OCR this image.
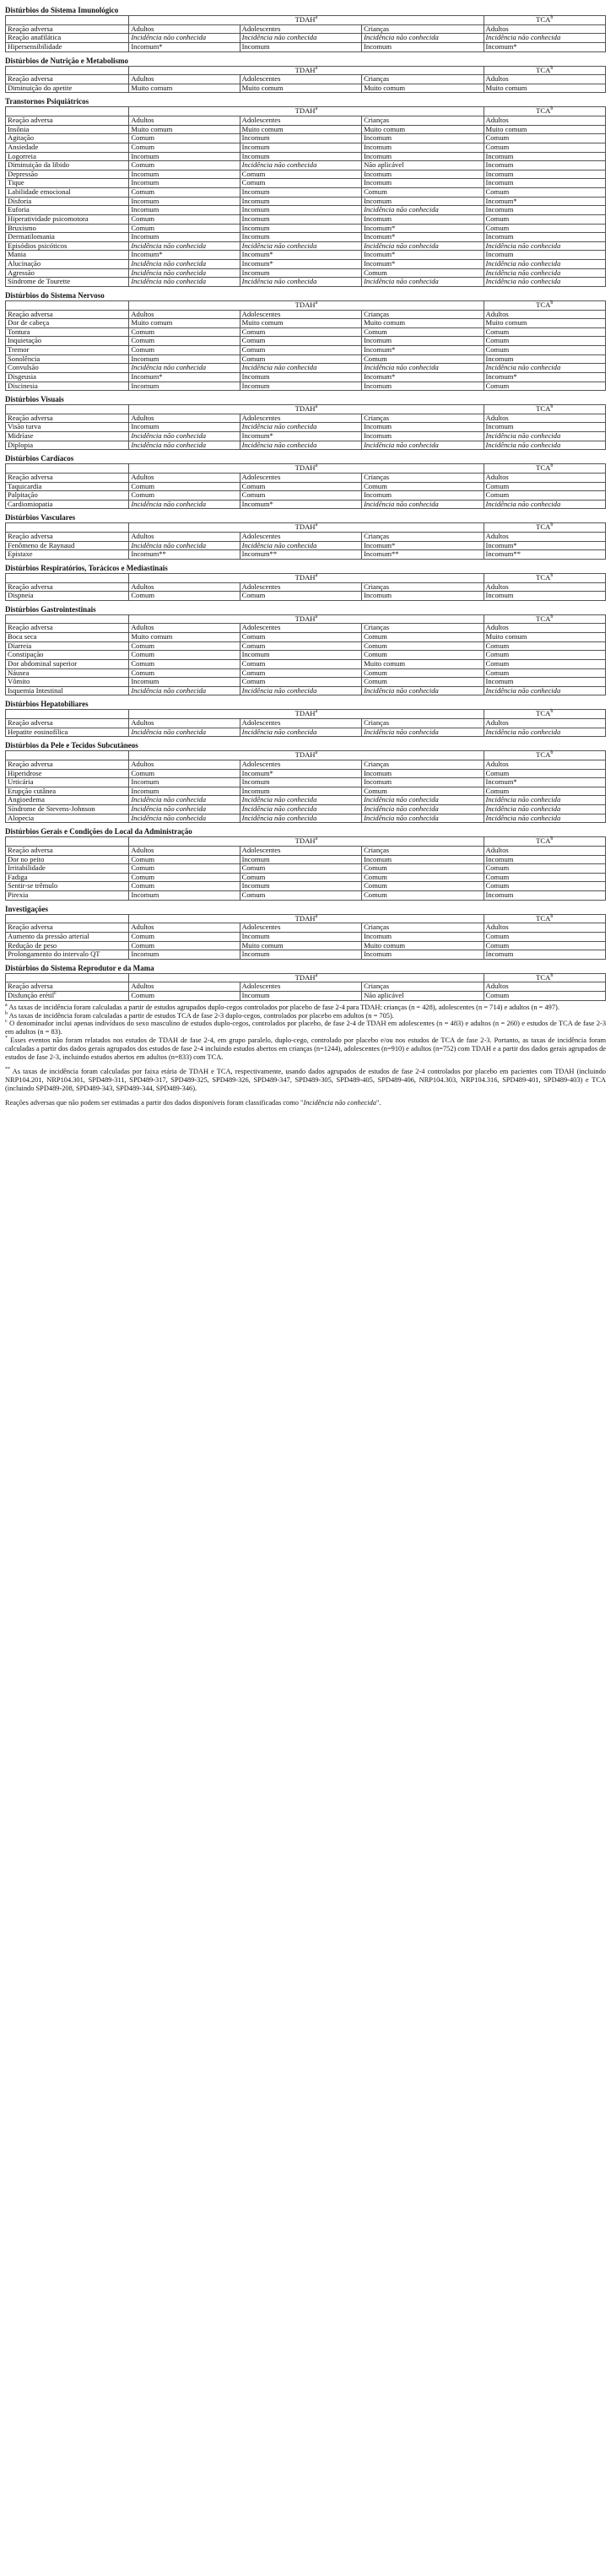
Distúrbios do Sistema Imunológico
	TDAH$^a$			TCA$^b$
Reação adversa	Adultos	Adolescentes	Crianças	Adultos
Reação anafilática	Incidência não conhecida	Incidência não conhecida	Incidência não conhecida	Incidência não conhecida
Hipersensibilidade	Incomum*	Incomum	Incomum	Incomum*
Distúrbios de Nutrição e Metabolismo
	TDAH$^a$			TCA$^b$
Reação adversa	Adultos	Adolescentes	Crianças	Adultos
Diminuição do apetite	Muito comum	Muito comum	Muito comum	Muito comum
Transtornos Psiquiátricos
	TDAH$^a$			TCA$^b$
Reação adversa	Adultos	Adolescentes	Crianças	Adultos
Insônia	Muito comum	Muito comum	Muito comum	Muito comum
Agitação	Comum	Incomum	Incomum	Comum
Ansiedade	Comum	Incomum	Incomum	Comum
Logorreia	Incomum	Incomum	Incomum	Incomum
Diminuição da libido	Comum	Incidência não conhecida	Não aplicável	Incomum
Depressão	Incomum	Comum	Incomum	Incomum
Tique	Incomum	Comum	Incomum	Incomum
Labilidade emocional	Comum	Incomum	Comum	Comum
Disforia	Incomum	Incomum	Incomum	Incomum*
Euforia	Incomum	Incomum	Incidência não conhecida	Incomum
Hiperatividade psicomotora	Comum	Incomum	Incomum	Comum
Bruxismo	Comum	Incomum	Incomum*	Comum
Dermatilomania	Incomum	Incomum	Incomum*	Incomum
Episódios psicóticos	Incidência não conhecida	Incidência não conhecida	Incidência não conhecida	Incidência não conhecida
Mania	Incomum*	Incomum*	Incomum*	Incomum
Alucinação	Incidência não conhecida	Incomum*	Incomum*	Incidência não conhecida
Agressão	Incidência não conhecida	Incomum	Comum	Incidência não conhecida
Síndrome de Tourette	Incidência não conhecida	Incidência não conhecida	Incidência não conhecida	Incidência não conhecida
Distúrbios do Sistema Nervoso
	TDAH$^a$			TCA$^b$
Reação adversa	Adultos	Adolescentes	Crianças	Adultos
Dor de cabeça	Muito comum	Muito comum	Muito comum	Muito comum
Tontura	Comum	Comum	Comum	Comum
Inquietação	Comum	Comum	Incomum	Comum
Tremor	Comum	Comum	Incomum*	Comum
Sonolência	Incomum	Comum	Comum	Incomum
Convulsão	Incidência não conhecida	Incidência não conhecida	Incidência não conhecida	Incidência não conhecida
Disgeusia	Incomum*	Incomum	Incomum*	Incomum*
Discinesia	Incomum	Incomum	Incomum	Comum
Distúrbios Visuais
	TDAH$^a$			TCA$^b$
Reação adversa	Adultos	Adolescentes	Crianças	Adultos
Visão turva	Incomum	Incidência não conhecida	Incomum	Incomum
Midríase	Incidência não conhecida	Incomum*	Incomum	Incidência não conhecida
Diplopia	Incidência não conhecida	Incidência não conhecida	Incidência não conhecida	Incidência não conhecida
Distúrbios Cardíacos
	TDAH$^a$			TCA$^b$
Reação adversa	Adultos	Adolescentes	Crianças	Adultos
Taquicardia	Comum	Comum	Comum	Comum
Palpitação	Comum	Comum	Incomum	Comum
Cardiomiopatia	Incidência não conhecida	Incomum*	Incidência não conhecida	Incidência não conhecida
Distúrbios Vasculares
	TDAH$^a$			TCA$^b$
Reação adversa	Adultos	Adolescentes	Crianças	Adultos
Fenômeno de Raynaud	Incidência não conhecida	Incidência não conhecida	Incomum*	Incomum*
Epistaxe	Incomum**	Incomum**	Incomum**	Incomum**
Distúrbios Respiratórios, Torácicos e Mediastinais
	TDAH$^a$			TCA$^b$
Reação adversa	Adultos	Adolescentes	Crianças	Adultos
Dispneia	Comum	Comum	Incomum	Incomum
Distúrbios Gastrointestinais
	TDAH$^a$			TCA$^b$
Reação adversa	Adultos	Adolescentes	Crianças	Adultos
Boca seca	Muito comum	Comum	Comum	Muito comum
Diarreia	Comum	Comum	Comum	Comum
Constipação	Comum	Incomum	Comum	Comum
Dor abdominal superior	Comum	Comum	Muito comum	Comum
Náusea	Comum	Comum	Comum	Comum
Vômito	Incomum	Comum	Comum	Incomum
Isquemia Intestinal	Incidência não conhecida	Incidência não conhecida	Incidência não conhecida	Incidência não conhecida
Distúrbios Hepatobiliares
	TDAH$^a$			TCA$^b$
Reação adversa	Adultos	Adolescentes	Crianças	Adultos
Hepatite eosinofílica	Incidência não conhecida	Incidência não conhecida	Incidência não conhecida	Incidência não conhecida
Distúrbios da Pele e Tecidos Subcutâneos
	TDAH$^a$			TCA$^b$
Reação adversa	Adultos	Adolescentes	Crianças	Adultos
Hiperidrose	Comum	Incomum*	Incomum	Comum
Urticária	Incomum	Incomum	Incomum	Incomum*
Erupção cutânea	Incomum	Incomum	Comum	Comum
Angioedema	Incidência não conhecida	Incidência não conhecida	Incidência não conhecida	Incidência não conhecida
Síndrome de Stevens-Johnson	Incidência não conhecida	Incidência não conhecida	Incidência não conhecida	Incidência não conhecida
Alopecia	Incidência não conhecida	Incidência não conhecida	Incidência não conhecida	Incidência não conhecida
Distúrbios Gerais e Condições do Local da Administração
	TDAH$^a$			TCA$^b$
Reação adversa	Adultos	Adolescentes	Crianças	Adultos
Dor no peito	Comum	Incomum	Incomum	Incomum
Irritabilidade	Comum	Comum	Comum	Comum
Fadiga	Comum	Comum	Comum	Comum
Sentir-se trêmulo	Comum	Incomum	Comum	Comum
Pirexia	Incomum	Comum	Comum	Incomum
Investigações
	TDAH$^a$			TCA$^b$
Reação adversa	Adultos	Adolescentes	Crianças	Adultos
Aumento da pressão arterial	Comum	Incomum	Incomum	Comum
Redução de peso	Comum	Muito comum	Muito comum	Comum
Prolongamento do intervalo QT	Incomum	Incomum	Incomum	Incomum
Distúrbios do Sistema Reprodutor e da Mama
	TDAH$^a$			TCA$^b$
Reação adversa	Adultos	Adolescentes	Crianças	Adultos
Disfunção erétil$^c$	Comum	Incomum	Não aplicável	Comum

$^a$ As taxas de incidência foram calculadas a partir de estudos agrupados duplo-cegos controlados por placebo de fase 2-4 para TDAH: crianças (n = 428), adolescentes (n = 714) e adultos (n = 497).

$^b$ As taxas de incidência foram calculadas a partir de estudos TCA de fase 2-3 duplo-cegos, controlados por placebo em adultos (n = 705).

$^c$ O denominador inclui apenas indivíduos do sexo masculino de estudos duplo-cegos, controlados por placebo, de fase 2-4 de TDAH em adolescentes (n = 483) e adultos (n = 260) e estudos de TCA de fase 2-3 em adultos (n = 83).

* Esses eventos não foram relatados nos estudos de TDAH de fase 2-4, em grupo paralelo, duplo-cego, controlado por placebo e/ou nos estudos de TCA de fase 2-3. Portanto, as taxas de incidência foram calculadas a partir dos dados gerais agrupados dos estudos de fase 2-4 incluindo estudos abertos em crianças (n=1244), adolescentes (n=910) e adultos (n=752) com TDAH e a partir dos dados gerais agrupados de estudos de fase 2-3, incluindo estudos abertos em adultos (n=833) com TCA.

** As taxas de incidência foram calculadas por faixa etária de TDAH e TCA, respectivamente, usando dados agrupados de estudos de fase 2-4 controlados por placebo em pacientes com TDAH (incluindo NRP104.201, NRP104.301, SPD489-311, SPD489-317, SPD489-325, SPD489-326, SPD489-347, SPD489-305, SPD489-405, SPD489-406, NRP104.303, NRP104.316, SPD489-401, SPD489-403) e TCA (incluindo SPD489-208, SPD489-343, SPD489-344, SPD489-346).

Reações adversas que não podem ser estimadas a partir dos dados disponíveis foram classificadas como "Incidência não conhecida".
